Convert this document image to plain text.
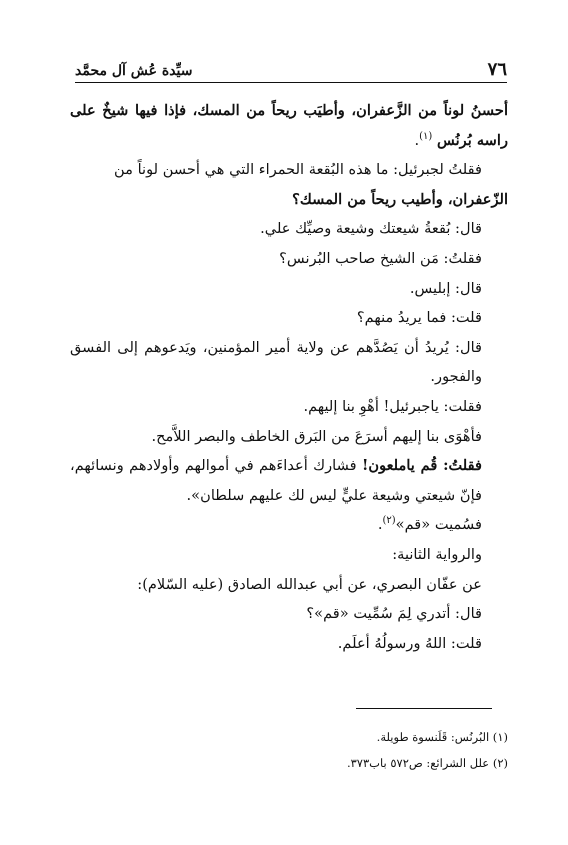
٧٦
سيِّدة عُش آل محمَّد

أحسنُ لوناً من الزَّعفران، وأطيَب ريحاً من المسك، فإذا فيها شيخٌ على راسه بُرنُس $^{(١)}$.

فقلتُ لجبرئيل: ما هذه البُقعة الحمراء التي هي أحسن لوناً من

الزّعفران، وأطيب ريحاً من المسك؟

قال: بُقعةُ شيعتك وشيعة وصيِّك علي.

فقلتُ: مَن الشيخ صاحب البُرنس؟

قال: إبليس.

قلت: فما يريدُ منهم؟

قال: يُريدُ أن يَصُدَّهم عن ولاية أمير المؤمنين، ويَدعوهم إلى الفسق والفجور.

فقلت: ياجبرئيل! أهْوِ بنا إليهم.

فأهْوَى بنا إليهم أسرَعَ من البَرق الخاطف والبصر اللاَّمح.

فقلتُ: قُم ياملعون! فشارك أعداءَهم في أموالهم وأولادهم ونسائهم، فإنّ شيعتي وشيعة عليٍّ ليس لك عليهم سلطان».

فسُميت «قم»$^{(٢)}$.

والرواية الثانية:

عن عفّان البصري، عن أبي عبدالله الصادق (عليه السّلام):

قال: أتدري لِمَ سُمِّيت «قم»؟

قلت: اللهُ ورسولُهُ أعلَم.

(١) البُرنُس: قَلَنسوة طويلة.

(٢) علل الشرائع: ص٥٧٢ باب٣٧٣.
